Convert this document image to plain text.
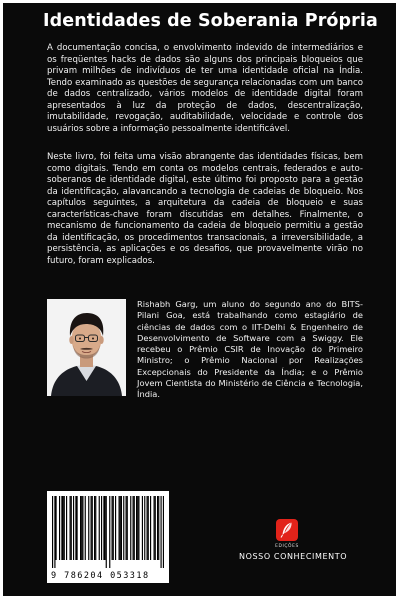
Identidades de Soberania Própria
A documentação concisa, o envolvimento indevido de intermediários e os freqüentes hacks de dados são alguns dos principais bloqueios que privam milhões de indivíduos de ter uma identidade oficial na Índia. Tendo examinado as questões de segurança relacionadas com um banco de dados centralizado, vários modelos de identidade digital foram apresentados à luz da proteção de dados, descentralização, imutabilidade, revogação, auditabilidade, velocidade e controle dos usuários sobre a informação pessoalmente identificável.
Neste livro, foi feita uma visão abrangente das identidades físicas, bem como digitais. Tendo em conta os modelos centrais, federados e auto-soberanos de identidade digital, este último foi proposto para a gestão da identificação, alavancando a tecnologia de cadeias de bloqueio. Nos capítulos seguintes, a arquitetura da cadeia de bloqueio e suas características-chave foram discutidas em detalhes. Finalmente, o mecanismo de funcionamento da cadeia de bloqueio permitiu a gestão da identificação, os procedimentos transacionais, a irreversibilidade, a persistência, as aplicações e os desafios, que provavelmente virão no futuro, foram explicados.
Rishabh Garg, um aluno do segundo ano do BITS-Pilani Goa, está trabalhando como estagiário de ciências de dados com o IIT-Delhi & Engenheiro de Desenvolvimento de Software com a Swiggy. Ele recebeu o Prêmio CSIR de Inovação do Primeiro Ministro; o Prêmio Nacional por Realizações Excepcionais do Presidente da Índia; e o Prêmio Jovem Cientista do Ministério de Ciência e Tecnologia, Índia.
9 786204 053318
EDIÇÕES
NOSSO CONHECIMENTO
